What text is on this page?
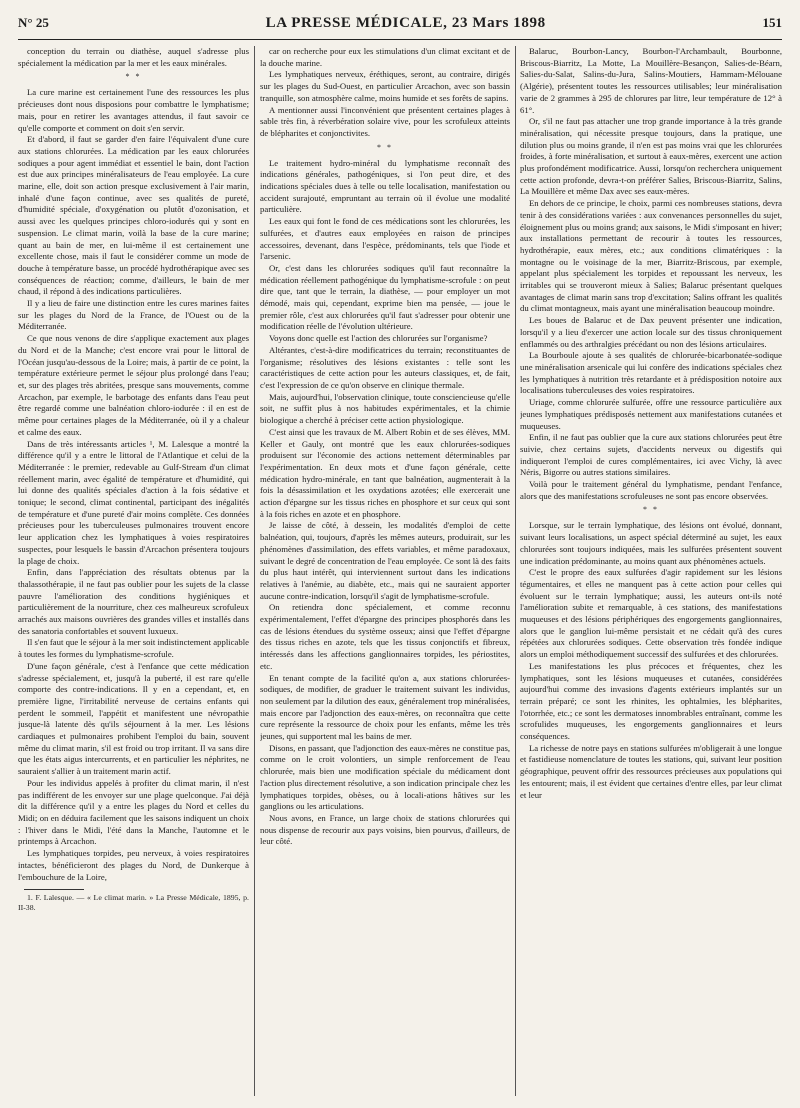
N° 25	LA PRESSE MÉDICALE, 23 Mars 1898	151

conception du terrain ou diathèse, auquel s'adresse plus spécialement la médication par la mer et les eaux minérales.

* *

La cure marine est certainement l'une des ressources les plus précieuses dont nous disposions pour combattre le lymphatisme; mais, pour en retirer les avantages attendus, il faut savoir ce qu'elle comporte et comment on doit s'en servir.

Et d'abord, il faut se garder d'en faire l'équivalent d'une cure aux stations chlorurées. La médication par les eaux chlorurées sodiques a pour agent immédiat et essentiel le bain, dont l'action est due aux principes minéralisateurs de l'eau employée. La cure marine, elle, doit son action presque exclusivement à l'air marin, inhalé d'une façon continue, avec ses qualités de pureté, d'humidité spéciale, d'oxygénation ou plutôt d'ozonisation, et aussi avec les quelques principes chloro-iodurés qui y sont en suspension. Le climat marin, voilà la base de la cure marine; quant au bain de mer, en lui-même il est certainement une excellente chose, mais il faut le considérer comme un mode de douche à température basse, un procédé hydrothérapique avec ses conséquences de réaction; comme, d'ailleurs, le bain de mer chaud, il répond à des indications particulières.

Il y a lieu de faire une distinction entre les cures marines faites sur les plages du Nord de la France, de l'Ouest ou de la Méditerranée.

Ce que nous venons de dire s'applique exactement aux plages du Nord et de la Manche; c'est encore vrai pour le littoral de l'Océan jusqu'au-dessous de la Loire; mais, à partir de ce point, la température extérieure permet le séjour plus prolongé dans l'eau; et, sur des plages très abritées, presque sans mouvements, comme Arcachon, par exemple, le barbotage des enfants dans l'eau peut être regardé comme une balnéation chloro-iodurée : il en est de même pour certaines plages de la Méditerranée, où il y a chaleur et calme des eaux.

Dans de très intéressants articles ¹, M. Lalesque a montré la différence qu'il y a entre le littoral de l'Atlantique et celui de la Méditerranée : le premier, redevable au Gulf-Stream d'un climat réellement marin, avec égalité de température et d'humidité, qui lui donne des qualités spéciales d'action à la fois sédative et tonique; le second, climat continental, participant des inégalités de température et d'une pureté d'air moins complète. Ces données précieuses pour les tuberculeuses pulmonaires trouvent encore leur application chez les lymphatiques à voies respiratoires suspectes, pour lesquels le bassin d'Arcachon présentera toujours la plage de choix.

Enfin, dans l'appréciation des résultats obtenus par la thalassothérapie, il ne faut pas oublier pour les sujets de la classe pauvre l'amélioration des conditions hygiéniques et particulièrement de la nourriture, chez ces malheureux scrofuleux arrachés aux maisons ouvrières des grandes villes et installés dans des sanatoria confortables et souvent luxueux.

Il s'en faut que le séjour à la mer soit indistinctement applicable à toutes les formes du lymphatisme-scrofule.

D'une façon générale, c'est à l'enfance que cette médication s'adresse spécialement, et, jusqu'à la puberté, il est rare qu'elle comporte des contre-indications. Il y en a cependant, et, en première ligne, l'irritabilité nerveuse de certains enfants qui perdent le sommeil, l'appétit et manifestent une névropathie jusque-là latente dès qu'ils séjournent à la mer. Les lésions cardiaques et pulmonaires prohibent l'emploi du bain, souvent même du climat marin, s'il est froid ou trop irritant. Il va sans dire que les états aigus intercurrents, et en particulier les néphrites, ne sauraient s'allier à un traitement marin actif.

Pour les individus appelés à profiter du climat marin, il n'est pas indifférent de les envoyer sur une plage quelconque. J'ai déjà dit la différence qu'il y a entre les plages du Nord et celles du Midi; on en déduira facilement que les saisons indiquent un choix : l'hiver dans le Midi, l'été dans la Manche, l'automne et le printemps à Arcachon.

Les lymphatiques torpides, peu nerveux, à voies respiratoires intactes, bénéficieront des plages du Nord, de Dunkerque à l'embouchure de la Loire,

1. F. Lalesque. — « Le climat marin. » La Presse Médicale, 1895, p. II-38.

car on recherche pour eux les stimulations d'un climat excitant et de la douche marine.

Les lymphatiques nerveux, éréthiques, seront, au contraire, dirigés sur les plages du Sud-Ouest, en particulier Arcachon, avec son bassin tranquille, son atmosphère calme, moins humide et ses forêts de sapins.

A mentionner aussi l'inconvénient que présentent certaines plages à sable très fin, à réverbération solaire vive, pour les scrofuleux atteints de blépharites et conjonctivites.

* *

Le traitement hydro-minéral du lymphatisme reconnaît des indications générales, pathogéniques, si l'on peut dire, et des indications spéciales dues à telle ou telle localisation, manifestation ou accident surajouté, empruntant au terrain où il évolue une modalité particulière.

Les eaux qui font le fond de ces médications sont les chlorurées, les sulfurées, et d'autres eaux employées en raison de principes accessoires, devenant, dans l'espèce, prédominants, tels que l'iode et l'arsenic.

Or, c'est dans les chlorurées sodiques qu'il faut reconnaître la médication réellement pathogénique du lymphatisme-scrofule : on peut dire que, tant que le terrain, la diathèse, — pour employer un mot démodé, mais qui, cependant, exprime bien ma pensée, — joue le premier rôle, c'est aux chlorurées qu'il faut s'adresser pour obtenir une modification réelle de l'évolution ultérieure.

Voyons donc quelle est l'action des chlorurées sur l'organisme?

Altérantes, c'est-à-dire modificatrices du terrain; reconstituantes de l'organisme; résolutives des lésions existantes : telle sont les caractéristiques de cette action pour les auteurs classiques, et, de fait, c'est l'expression de ce qu'on observe en clinique thermale.

Mais, aujourd'hui, l'observation clinique, toute consciencieuse qu'elle soit, ne suffit plus à nos habitudes expérimentales, et la chimie biologique a cherché à préciser cette action physiologique.

C'est ainsi que les travaux de M. Albert Robin et de ses élèves, MM. Keller et Gauly, ont montré que les eaux chlorurées-sodiques produisent sur l'économie des actions nettement déterminables par l'expérimentation. En deux mots et d'une façon générale, cette médication hydro-minérale, en tant que balnéation, augmenterait à la fois la désassimilation et les oxydations azotées; elle exercerait une action d'épargne sur les tissus riches en phosphore et sur ceux qui sont à la fois riches en azote et en phosphore.

Je laisse de côté, à dessein, les modalités d'emploi de cette balnéation, qui, toujours, d'après les mêmes auteurs, produirait, sur les phénomènes d'assimilation, des effets variables, et même paradoxaux, suivant le degré de concentration de l'eau employée. Ce sont là des faits du plus haut intérêt, qui interviennent surtout dans les indications relatives à l'anémie, au diabète, etc., mais qui ne sauraient apporter aucune contre-indication, lorsqu'il s'agit de lymphatisme-scrofule.

On retiendra donc spécialement, et comme reconnu expérimentalement, l'effet d'épargne des principes phosphorés dans les cas de lésions étendues du système osseux; ainsi que l'effet d'épargne des tissus riches en azote, tels que les tissus conjonctifs et fibreux, intéressés dans les affections ganglionnaires torpides, les périostites, etc.

En tenant compte de la facilité qu'on a, aux stations chlorurées-sodiques, de modifier, de graduer le traitement suivant les individus, non seulement par la dilution des eaux, généralement trop minéralisées, mais encore par l'adjonction des eaux-mères, on reconnaîtra que cette cure représente la ressource de choix pour les enfants, même les très jeunes, qui supportent mal les bains de mer.

Disons, en passant, que l'adjonction des eaux-mères ne constitue pas, comme on le croit volontiers, un simple renforcement de l'eau chlorurée, mais bien une modification spéciale du médicament dont l'action plus directement résolutive, a son indication principale chez les lymphatiques torpides, obèses, ou à locali-ations hâtives sur les ganglions ou les articulations.

Nous avons, en France, un large choix de stations chlorurées qui nous dispense de recourir aux pays voisins, bien pourvus, d'ailleurs, de leur côté.

Balaruc, Bourbon-Lancy, Bourbon-l'Archambault, Bourbonne, Briscous-Biarritz, La Motte, La Mouillère-Besançon, Salies-de-Béarn, Salies-du-Salat, Salins-du-Jura, Salins-Moutiers, Hammam-Mélouane (Algérie), présentent toutes les ressources utilisables; leur minéralisation varie de 2 grammes à 295 de chlorures par litre, leur température de 12° à 61°.

Or, s'il ne faut pas attacher une trop grande importance à la très grande minéralisation, qui nécessite presque toujours, dans la pratique, une dilution plus ou moins grande, il n'en est pas moins vrai que les chlorurées froides, à forte minéralisation, et surtout à eaux-mères, exercent une action plus profondément modificatrice. Aussi, lorsqu'on recherchera uniquement cette action profonde, devra-t-on préférer Salies, Briscous-Biarritz, Salins, La Mouillère et même Dax avec ses eaux-mères.

En dehors de ce principe, le choix, parmi ces nombreuses stations, devra tenir à des considérations variées : aux convenances personnelles du sujet, éloignement plus ou moins grand; aux saisons, le Midi s'imposant en hiver; aux installations permettant de recourir à toutes les ressources, hydrothérapie, eaux mères, etc.; aux conditions climatériques : la montagne ou le voisinage de la mer, Biarritz-Briscous, par exemple, appelant plus spécialement les torpides et repoussant les nerveux, les irritables qui se trouveront mieux à Salies; Balaruc présentant quelques avantages de climat marin sans trop d'excitation; Salins offrant les qualités du climat montagneux, mais ayant une minéralisation beaucoup moindre.

Les boues de Balaruc et de Dax peuvent présenter une indication, lorsqu'il y a lieu d'exercer une action locale sur des tissus chroniquement enflammés ou des arthralgies précédant ou non des lésions articulaires.

La Bourboule ajoute à ses qualités de chlorurée-bicarbonatée-sodique une minéralisation arsenicale qui lui confère des indications spéciales chez les lymphatiques à nutrition très retardante et à prédisposition notoire aux localisations tuberculeuses des voies respiratoires.

Uriage, comme chlorurée sulfurée, offre une ressource particulière aux jeunes lymphatiques prédisposés nettement aux manifestations cutanées et muqueuses.

Enfin, il ne faut pas oublier que la cure aux stations chlorurées peut être suivie, chez certains sujets, d'accidents nerveux ou digestifs qui indiqueront l'emploi de cures complémentaires, ici avec Vichy, là avec Néris, Bigorre ou autres stations similaires.

Voilà pour le traitement général du lymphatisme, pendant l'enfance, alors que des manifestations scrofuleuses ne sont pas encore observées.

* *

Lorsque, sur le terrain lymphatique, des lésions ont évolué, donnant, suivant leurs localisations, un aspect spécial déterminé au sujet, les eaux chlorurées sont toujours indiquées, mais les sulfurées présentent souvent une indication prédominante, au moins quant aux phénomènes actuels.

C'est le propre des eaux sulfurées d'agir rapidement sur les lésions tégumentaires, et elles ne manquent pas à cette action pour celles qui évoluent sur le terrain lymphatique; aussi, les auteurs ont-ils noté l'amélioration subite et remarquable, à ces stations, des manifestations muqueuses et des lésions périphériques des engorgements ganglionnaires, alors que le ganglion lui-même persistait et ne cédait qu'à des cures répétées aux chlorurées sodiques. Cette observation très fondée indique alors un emploi méthodiquement successif des sulfurées et des chlorurées.

Les manifestations les plus précoces et fréquentes, chez les lymphatiques, sont les lésions muqueuses et cutanées, considérées aujourd'hui comme des invasions d'agents extérieurs implantés sur un terrain préparé; ce sont les rhinites, les ophtalmies, les blépharites, l'otorrhée, etc.; ce sont les dermatoses innombrables entraînant, comme les scrofulides muqueuses, les engorgements ganglionnaires et leurs conséquences.

La richesse de notre pays en stations sulfurées m'obligerait à une longue et fastidieuse nomenclature de toutes les stations, qui, suivant leur position géographique, peuvent offrir des ressources précieuses aux populations qui les entourent; mais, il est évident que certaines d'entre elles, par leur climat et leur
